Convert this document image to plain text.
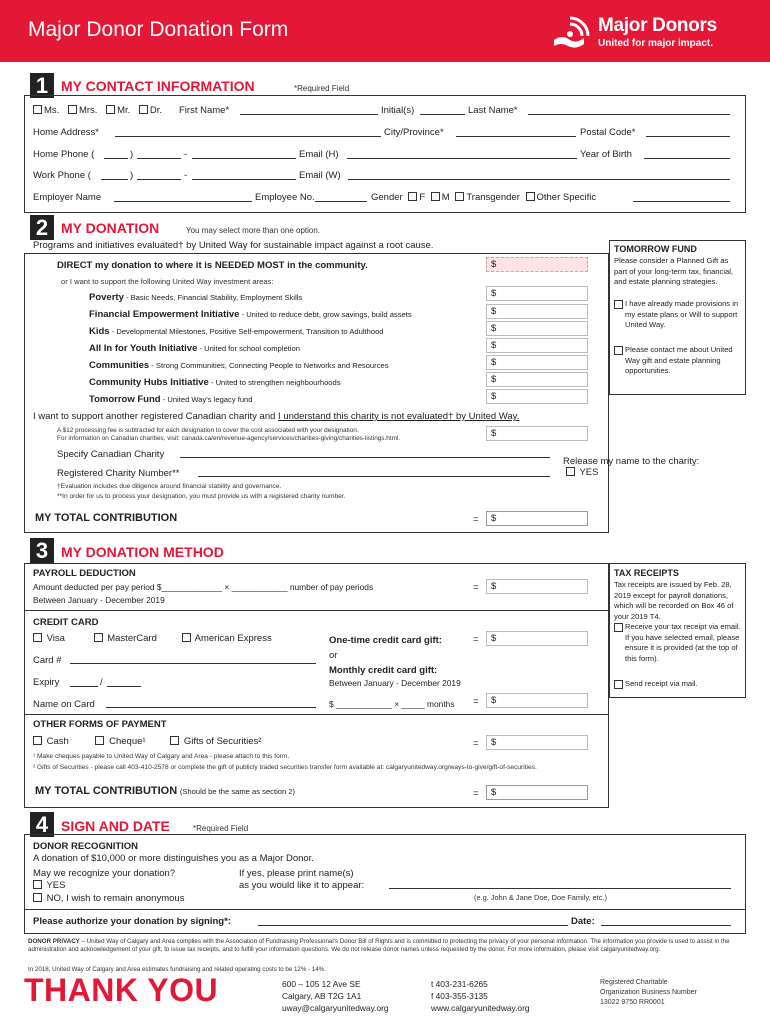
Major Donor Donation Form	Major Donors
United for major impact.
1 MY CONTACT INFORMATION	*Required Field
Ms. Mrs. Mr. Dr. First Name*	Initial(s)	Last Name*
Home Address*	City/Province*	Postal Code*
Home Phone (	)	-	Email (H)	Year of Birth
Work Phone (	)	-	Email (W)
Employer Name	Employee No.	Gender F M Transgender Other Specific
2 MY DONATION	You may select more than one option.
Programs and initiatives evaluated† by United Way for sustainable impact against a root cause.
DIRECT my donation to where it is NEEDED MOST in the community.	$
or I want to support the following United Way investment areas:
Poverty - Basic Needs, Financial Stability, Employment Skills	$
Financial Empowerment Initiative - United to reduce debt, grow savings, build assets	$
Kids - Developmental Milestones, Positive Self-empowerment, Transition to Adulthood	$
All In for Youth Initiative - United for school completion	$
Communities - Strong Communities, Connecting People to Networks and Resources	$
Community Hubs Initiative - United to strengthen neighbourhoods	$
Tomorrow Fund - United Way's legacy fund	$
I want to support another registered Canadian charity and I understand this charity is not evaluated† by United Way.
A $12 processing fee is subtracted for each designation to cover the cost associated with your designation.
For information on Canadian charities, visit: canada.ca/en/revenue-agency/services/charities-giving/charities-listings.html.	$
Specify Canadian Charity
Registered Charity Number**
Release my name to the charity:
YES
†Evaluation includes due diligence around financial stability and governance.
**In order for us to process your designation, you must provide us with a registered charity number.
MY TOTAL CONTRIBUTION	=	$
TOMORROW FUND
Please consider a Planned Gift as part of your long-term tax, financial, and estate planning strategies.
I have already made provisions in my estate plans or Will to support United Way.
Please contact me about United Way gift and estate planning opportunities.
3 MY DONATION METHOD
PAYROLL DEDUCTION
Amount deducted per pay period $_____________ × ____________ number of pay periods	=	$
Between January - December 2019
CREDIT CARD
Visa	MasterCard	American Express	One-time credit card gift:	=	$
or
Card #
Monthly credit card gift:
Between January - December 2019
Expiry	/
Name on Card	$ ____________ × _____ months =	$
OTHER FORMS OF PAYMENT
Cash	Cheque¹	Gifts of Securities²	=	$
¹ Make cheques payable to United Way of Calgary and Area - please attach to this form.
² Gifts of Securities - please call 403-410-2578 or complete the gift of publicly traded securities transfer form available at: calgaryunitedway.org/ways-to-give/gift-of-securities.
MY TOTAL CONTRIBUTION (Should be the same as section 2)	=	$
TAX RECEIPTS
Tax receipts are issued by Feb. 28, 2019 except for payroll donations, which will be recorded on Box 46 of your 2019 T4.
Receive your tax receipt via email. If you have selected email, please ensure it is provided (at the top of this form).
Send receipt via mail.
4 SIGN AND DATE	*Required Field
DONOR RECOGNITION
A donation of $10,000 or more distinguishes you as a Major Donor.
May we recognize your donation?
YES
NO, I wish to remain anonymous
If yes, please print name(s)
as you would like it to appear:
(e.g. John & Jane Doe, Doe Family, etc.)
Please authorize your donation by signing*:	Date:
DONOR PRIVACY – United Way of Calgary and Area complies with the Association of Fundraising Professional's Donor Bill of Rights and is committed to protecting the privacy of your personal information. The information you provide is used to assist in the administration and acknowledgement of your gift, to issue tax receipts, and to fulfill your information questions. We do not release donor names unless requested by the donor. For more information, please visit calgaryunitedway.org.
In 2018, United Way of Calgary and Area estimates fundraising and related operating costs to be 12% - 14%.
THANK YOU	600 – 105 12 Ave SE
Calgary, AB T2G 1A1
uway@calgaryunitedway.org
t 403-231-6265
f 403-355-3135
www.calgaryunitedway.org
Registered Charitable
Organization Business Number
13022 9750 RR0001
